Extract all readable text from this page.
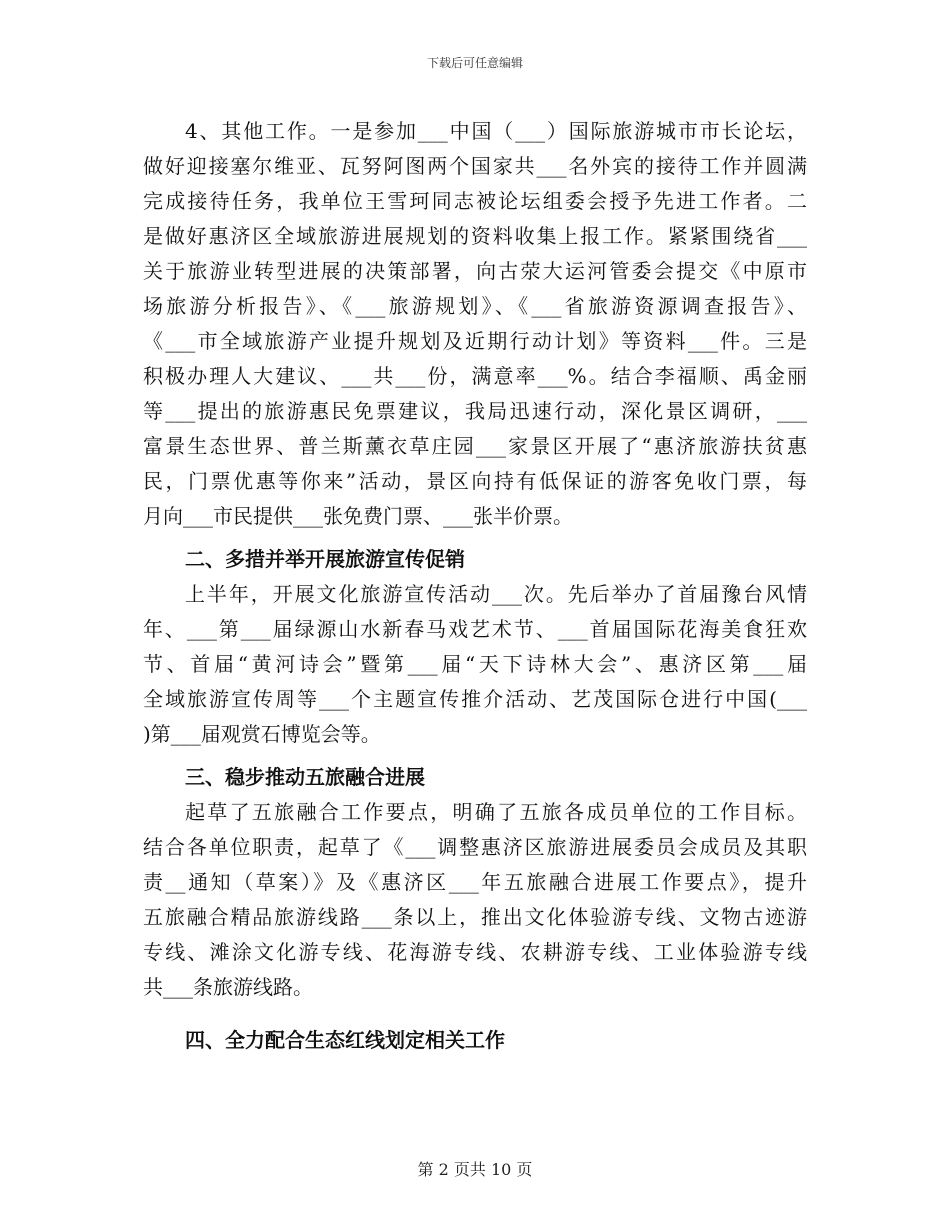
下载后可任意编辑
4、其他工作。一是参加___中国（___）国际旅游城市市长论坛，
做好迎接塞尔维亚、瓦努阿图两个国家共___名外宾的接待工作并圆满
完成接待任务，我单位王雪珂同志被论坛组委会授予先进工作者。二
是做好惠济区全域旅游进展规划的资料收集上报工作。紧紧围绕省___
关于旅游业转型进展的决策部署，向古荥大运河管委会提交《中原市
场旅游分析报告》、《___旅游规划》、《___省旅游资源调查报告》、
《___市全域旅游产业提升规划及近期行动计划》等资料___件。三是
积极办理人大建议、___共___份，满意率___%。结合李福顺、禹金丽
等___提出的旅游惠民免票建议，我局迅速行动，深化景区调研，___
富景生态世界、普兰斯薰衣草庄园___家景区开展了“惠济旅游扶贫惠
民，门票优惠等你来”活动，景区向持有低保证的游客免收门票，每
月向___市民提供___张免费门票、___张半价票。
二、多措并举开展旅游宣传促销
上半年，开展文化旅游宣传活动___次。先后举办了首届豫台风情
年、___第___届绿源山水新春马戏艺术节、___首届国际花海美食狂欢
节、首届“黄河诗会”暨第___届“天下诗林大会”、惠济区第___届
全域旅游宣传周等___个主题宣传推介活动、艺茂国际仓进行中国(___
)第___届观赏石博览会等。
三、稳步推动五旅融合进展
起草了五旅融合工作要点，明确了五旅各成员单位的工作目标。
结合各单位职责，起草了《___调整惠济区旅游进展委员会成员及其职
责__通知（草案）》及《惠济区___年五旅融合进展工作要点》，提升
五旅融合精品旅游线路___条以上，推出文化体验游专线、文物古迹游
专线、滩涂文化游专线、花海游专线、农耕游专线、工业体验游专线
共___条旅游线路。
四、全力配合生态红线划定相关工作
第 2 页共 10 页
